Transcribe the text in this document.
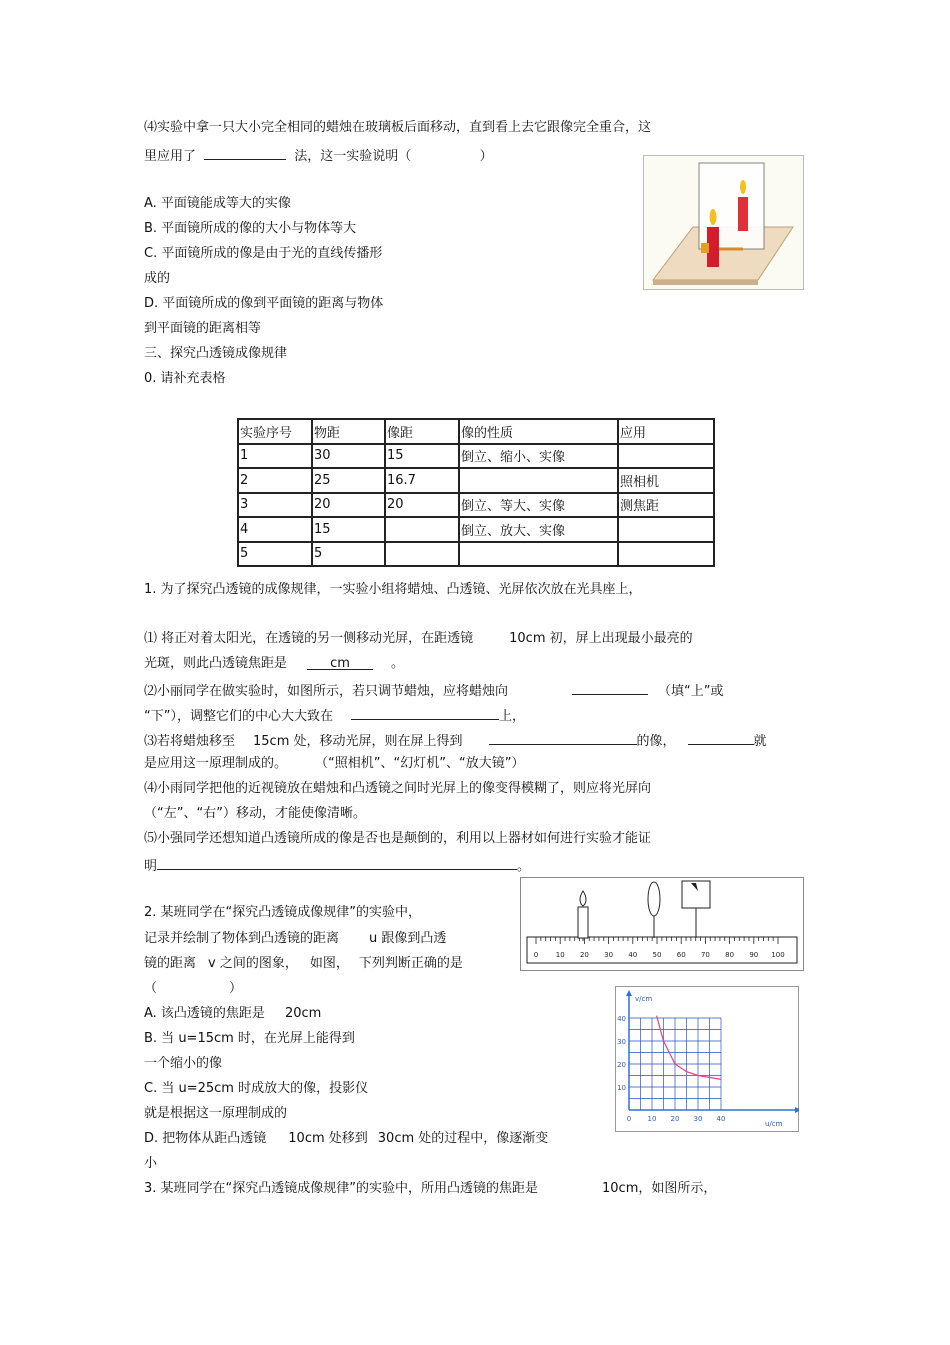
⑷实验中拿一只大小完全相同的蜡烛在玻璃板后面移动，直到看上去它跟像完全重合，这
里应用了	法，这一实验说明（	）
A. 平面镜能成等大的实像
B. 平面镜所成的像的大小与物体等大
C. 平面镜所成的像是由于光的直线传播形
成的
D. 平面镜所成的像到平面镜的距离与物体
到平面镜的距离相等
三、探究凸透镜成像规律
0. 请补充表格
实验序号	物距	像距	像的性质	应用
1	30	15	倒立、缩小、实像	
2	25	16.7		照相机
3	20	20	倒立、等大、实像	测焦距
4	15		倒立、放大、实像	
5	5			
1. 为了探究凸透镜的成像规律，一实验小组将蜡烛、凸透镜、光屏依次放在光具座上，
⑴ 将正对着太阳光，在透镜的另一侧移动光屏，在距透镜	10cm 初，屏上出现最小最亮的
光斑，则此凸透镜焦距是	cm	。
⑵小丽同学在做实验时，如图所示，若只调节蜡烛，应将蜡烛向	（填“上”或
“下”），调整它们的中心大大致在	上，
⑶若将蜡烛移至 15cm 处，移动光屏，则在屏上得到	的像，	就
是应用这一原理制成的。 （“照相机”、“幻灯机”、“放大镜”）
⑷小雨同学把他的近视镜放在蜡烛和凸透镜之间时光屏上的像变得模糊了，则应将光屏向
（“左”、“右”）移动，才能使像清晰。
⑸小强同学还想知道凸透镜所成的像是否也是颠倒的，利用以上器材如何进行实验才能证
明	。
0	10 20 30 40 50 60 70 80 90 100
2. 某班同学在“探究凸透镜成像规律”的实验中，
记录并绘制了物体到凸透镜的距离 u 跟像到凸透
镜的距离 v 之间的图象， 如图， 下列判断正确的是
（	）
A. 该凸透镜的焦距是 20cm
B. 当 u=15cm 时，在光屏上能得到
一个缩小的像
C. 当 u=25cm 时成放大的像，投影仪
就是根据这一原理制成的
D. 把物体从距凸透镜 10cm 处移到 30cm 处的过程中，像逐渐变
小
v/cm
u/cm
0 10 20 30 40
10
20
30
40
3. 某班同学在“探究凸透镜成像规律”的实验中，所用凸透镜的焦距是	10cm，如图所示，
